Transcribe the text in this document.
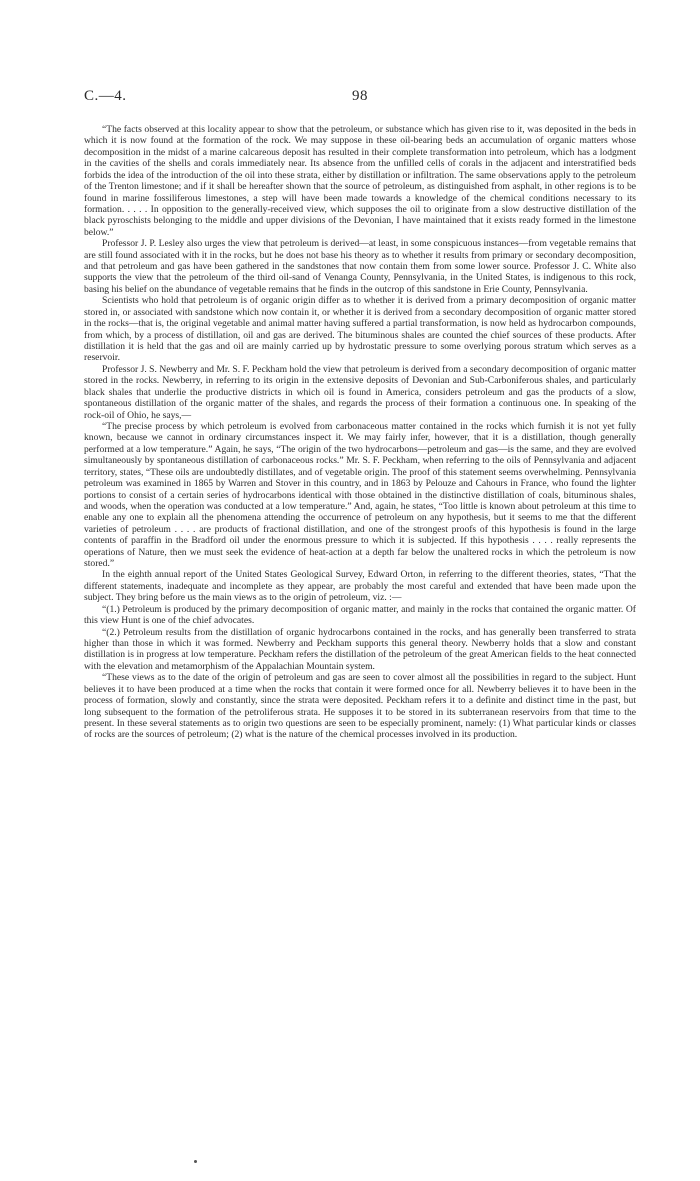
C.—4.	98

“The facts observed at this locality appear to show that the petroleum, or substance which has given rise to it, was deposited in the beds in which it is now found at the formation of the rock. We may suppose in these oil-bearing beds an accumulation of organic matters whose decomposition in the midst of a marine calcareous deposit has resulted in their complete transformation into petroleum, which has a lodgment in the cavities of the shells and corals immediately near. Its absence from the unfilled cells of corals in the adjacent and interstratified beds forbids the idea of the introduction of the oil into these strata, either by distillation or infiltration. The same observations apply to the petroleum of the Trenton limestone; and if it shall be hereafter shown that the source of petroleum, as distinguished from asphalt, in other regions is to be found in marine fossiliferous limestones, a step will have been made towards a knowledge of the chemical conditions necessary to its formation. . . . . In opposition to the generally-received view, which supposes the oil to originate from a slow destructive distillation of the black pyroschists belonging to the middle and upper divisions of the Devonian, I have maintained that it exists ready formed in the limestone below.”

Professor J. P. Lesley also urges the view that petroleum is derived—at least, in some conspicuous instances—from vegetable remains that are still found associated with it in the rocks, but he does not base his theory as to whether it results from primary or secondary decomposition, and that petroleum and gas have been gathered in the sandstones that now contain them from some lower source. Professor J. C. White also supports the view that the petroleum of the third oil-sand of Venanga County, Pennsylvania, in the United States, is indigenous to this rock, basing his belief on the abundance of vegetable remains that he finds in the outcrop of this sandstone in Erie County, Pennsylvania.

Scientists who hold that petroleum is of organic origin differ as to whether it is derived from a primary decomposition of organic matter stored in, or associated with sandstone which now contain it, or whether it is derived from a secondary decomposition of organic matter stored in the rocks—that is, the original vegetable and animal matter having suffered a partial transformation, is now held as hydrocarbon compounds, from which, by a process of distillation, oil and gas are derived. The bituminous shales are counted the chief sources of these products. After distillation it is held that the gas and oil are mainly carried up by hydrostatic pressure to some overlying porous stratum which serves as a reservoir.

Professor J. S. Newberry and Mr. S. F. Peckham hold the view that petroleum is derived from a secondary decomposition of organic matter stored in the rocks. Newberry, in referring to its origin in the extensive deposits of Devonian and Sub-Carboniferous shales, and particularly black shales that underlie the productive districts in which oil is found in America, considers petroleum and gas the products of a slow, spontaneous distillation of the organic matter of the shales, and regards the process of their formation a continuous one. In speaking of the rock-oil of Ohio, he says,—

“The precise process by which petroleum is evolved from carbonaceous matter contained in the rocks which furnish it is not yet fully known, because we cannot in ordinary circumstances inspect it. We may fairly infer, however, that it is a distillation, though generally performed at a low temperature.” Again, he says, “The origin of the two hydrocarbons—petroleum and gas—is the same, and they are evolved simultaneously by spontaneous distillation of carbonaceous rocks.” Mr. S. F. Peckham, when referring to the oils of Pennsylvania and adjacent territory, states, “These oils are undoubtedly distillates, and of vegetable origin. The proof of this statement seems overwhelming. Pennsylvania petroleum was examined in 1865 by Warren and Stover in this country, and in 1863 by Pelouze and Cahours in France, who found the lighter portions to consist of a certain series of hydrocarbons identical with those obtained in the distinctive distillation of coals, bituminous shales, and woods, when the operation was conducted at a low temperature.” And, again, he states, “Too little is known about petroleum at this time to enable any one to explain all the phenomena attending the occurrence of petroleum on any hypothesis, but it seems to me that the different varieties of petroleum . . . . are products of fractional distillation, and one of the strongest proofs of this hypothesis is found in the large contents of paraffin in the Bradford oil under the enormous pressure to which it is subjected. If this hypothesis . . . . really represents the operations of Nature, then we must seek the evidence of heat-action at a depth far below the unaltered rocks in which the petroleum is now stored.”

In the eighth annual report of the United States Geological Survey, Edward Orton, in referring to the different theories, states, “That the different statements, inadequate and incomplete as they appear, are probably the most careful and extended that have been made upon the subject. They bring before us the main views as to the origin of petroleum, viz. :—

“(1.) Petroleum is produced by the primary decomposition of organic matter, and mainly in the rocks that contained the organic matter. Of this view Hunt is one of the chief advocates.

“(2.) Petroleum results from the distillation of organic hydrocarbons contained in the rocks, and has generally been transferred to strata higher than those in which it was formed. Newberry and Peckham supports this general theory. Newberry holds that a slow and constant distillation is in progress at low temperature. Peckham refers the distillation of the petroleum of the great American fields to the heat connected with the elevation and metamorphism of the Appalachian Mountain system.

“These views as to the date of the origin of petroleum and gas are seen to cover almost all the possibilities in regard to the subject. Hunt believes it to have been produced at a time when the rocks that contain it were formed once for all. Newberry believes it to have been in the process of formation, slowly and constantly, since the strata were deposited. Peckham refers it to a definite and distinct time in the past, but long subsequent to the formation of the petroliferous strata. He supposes it to be stored in its subterranean reservoirs from that time to the present. In these several statements as to origin two questions are seen to be especially prominent, namely: (1) What particular kinds or classes of rocks are the sources of petroleum; (2) what is the nature of the chemical processes involved in its production.
